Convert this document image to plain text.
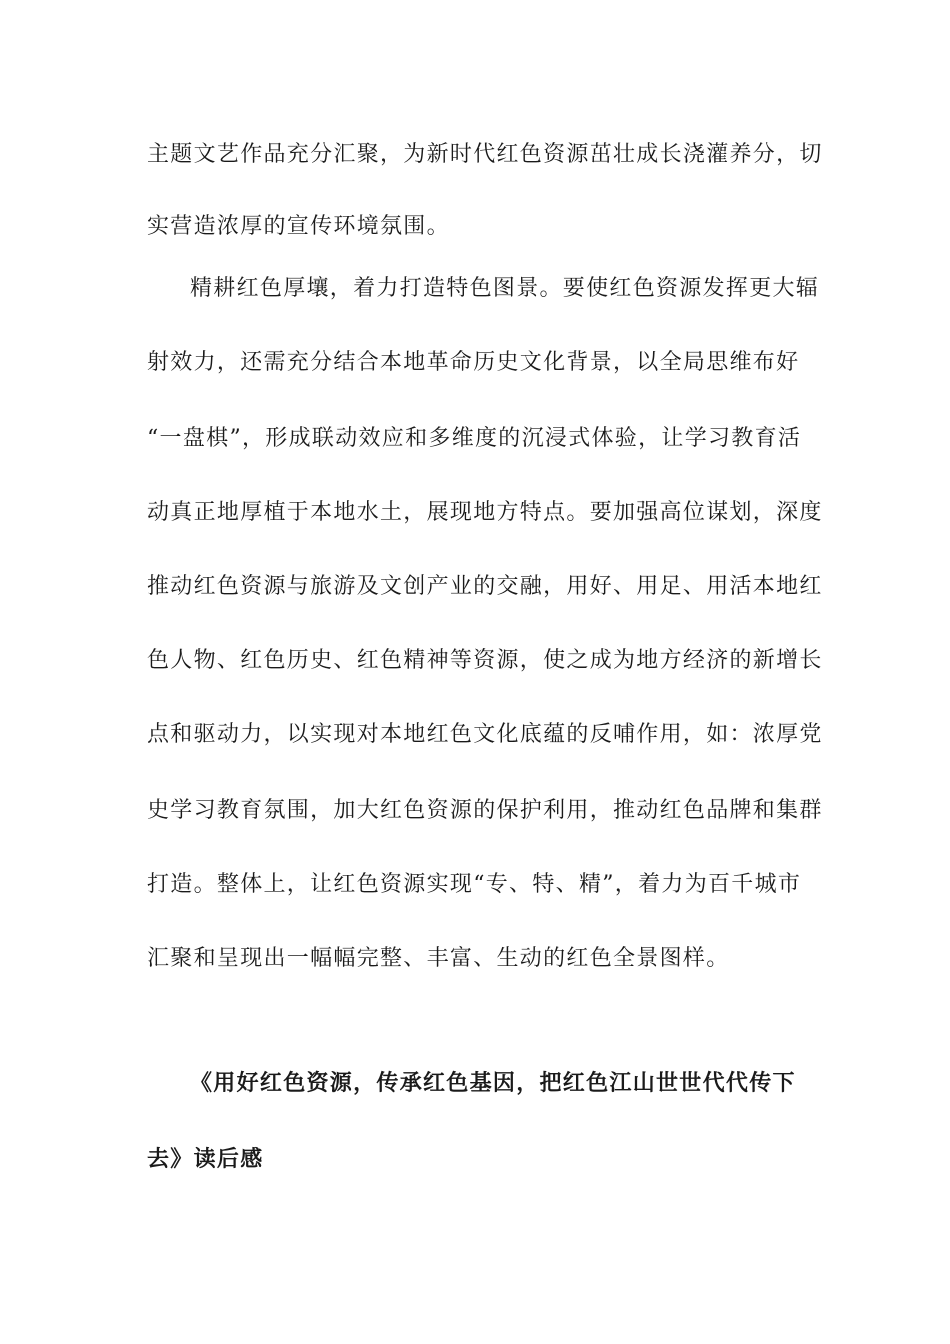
主题文艺作品充分汇聚，为新时代红色资源茁壮成长浇灌养分，切
实营造浓厚的宣传环境氛围。
精耕红色厚壤，着力打造特色图景。要使红色资源发挥更大辐
射效力，还需充分结合本地革命历史文化背景，以全局思维布好
“一盘棋”，形成联动效应和多维度的沉浸式体验，让学习教育活
动真正地厚植于本地水土，展现地方特点。要加强高位谋划，深度
推动红色资源与旅游及文创产业的交融，用好、用足、用活本地红
色人物、红色历史、红色精神等资源，使之成为地方经济的新增长
点和驱动力，以实现对本地红色文化底蕴的反哺作用，如：浓厚党
史学习教育氛围，加大红色资源的保护利用，推动红色品牌和集群
打造。整体上，让红色资源实现“专、特、精”，着力为百千城市
汇聚和呈现出一幅幅完整、丰富、生动的红色全景图样。
《用好红色资源，传承红色基因，把红色江山世世代代传下
去》读后感
